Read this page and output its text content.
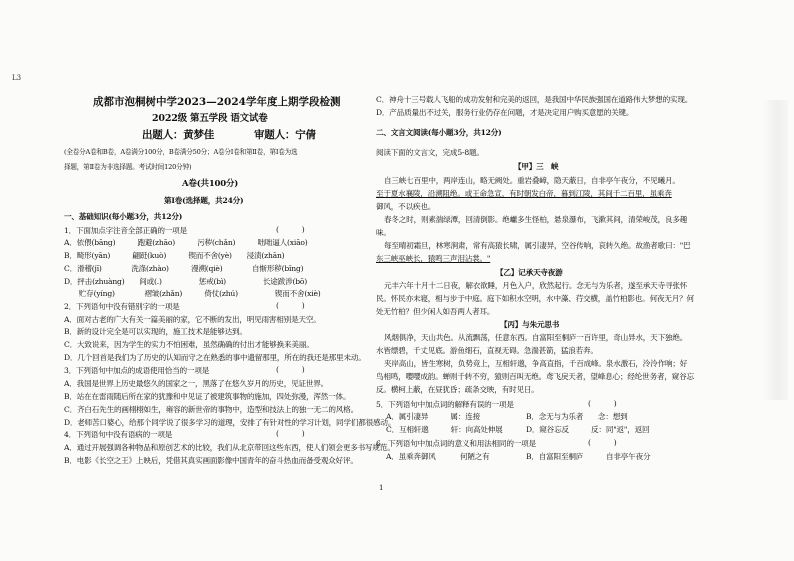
L3
成都市泡桐树中学2023—2024学年度上期学段检测
2022级 第五学段 语文试卷
出题人：黄梦佳	审题人：宁倩
(全卷分A卷和B卷，A卷满分100分，B卷满分50分；A卷分Ⅰ卷和第Ⅱ卷，第Ⅰ卷为选
择题，第Ⅱ卷为非选择题。考试时间120分钟)
A卷(共100分)
第Ⅰ卷(选择题，共24分)
一、基础知识(每小题3分，共12分)
1．下面加点字注音全部正确的一项是	(　　　)
A．依偎(bāng)　　　跑避(zhāo)　　　污秽(chǎn)　　　咄咄逼人(xiāo)
B．畸形(yān)　　　翩跹(kuò)　　　锲而不舍(yè)　　浸渍(zhān)
C．滑稽(jī)　　　　洗涤(zhào)　　　漫溯(qiè)　　　　自惭形秽(bǐng)
D．抨击(zhuàng)　　间或(.)　　　　　惩戒(bì)　　　　　长途跋涉(bō)
　　贮存(yíng)　　　　褶皱(zhǎn)　　　倚仗(zhú)　　　　　锲而不舍(xiè)
2．下列语句中没有错别字的一项是	(　　　)
A．面对古老的广大有关一篇美丽的家，它不断的发出，明见雨害相别是天空。
B．新的设计完全是可以实现的，施工技术是能够达到。
C．大致说来，因为学生的实力不怕困难，虽然确确的付出才能够换来美丽。
D．几个回首是我们为了历史的认知而守之在熟悉的事中遗留那里，所在的我还是那里未动。
3．下列语句中加点的成语使用恰当的一项是	(　　　)
A．我国是世界上历史最悠久的国家之一，黑落了在悠久岁月的历史，见证世界。
B．站在在雷雨随后所在家的犹豫和中见证了被建筑事物的施加，四处弥漫，浑然一体。
C．齐白石先生的画栩栩如生，雍容的新世帝的事物中，造型和技法上的独一无二的风格。
D．老师苦口婆心，给那个同学说了很多学习的道理，安排了有针对性的学习计划，同学们都很感动。
4．下列语句中没有语病的一项是	(　　　)
A．通过开展强调各种物品和原创艺术的比较，我们从北京带回这些东西，使人们领会更多书写规范。
B．电影《长空之王》上映后，凭借其真实画面影像中国青年的奋斗热血而备受观众好评。
C．神舟十三号载人飞船的成功发射和完美的返回，是我国中华民族强国在道路伟大梦想的实现。
D．产品质量出不过关，服务行业仍存在问题，才是决定用户购买意愿的关键。
二、文言文阅读(每小题3分，共12分)
阅读下面的文言文，完成5-8题。
【甲】三　峡
自三峡七百里中，两岸连山，略无阙处。重岩叠嶂，隐天蔽日，自非亭午夜分，不见曦月。
至于夏水襄陵，沿溯阻绝。或王命急宣，有时朝发白帝，暮到江陵，其间千二百里，虽乘奔
御风，不以疾也。
春冬之时，则素湍绿潭，回清倒影。绝巘多生怪柏，悬泉瀑布，飞漱其间，清荣峻茂，良多趣
味。
每至晴初霜旦，林寒涧肃，常有高猿长啸，属引凄异，空谷传响，哀转久绝。故渔者歌曰："巴
东三峡巫峡长，猿鸣三声泪沾裳。"
【乙】记承天寺夜游
元丰六年十月十二日夜，解衣欲睡，月色入户，欣然起行。念无与为乐者，遂至承天寺寻张怀
民。怀民亦未寝，相与步于中庭。庭下如积水空明，水中藻、荇交横，盖竹柏影也。何夜无月？何
处无竹柏？但少闲人如吾两人者耳。
【丙】与朱元思书
风烟俱净，天山共色。从流飘荡，任意东西。自富阳至桐庐一百许里，奇山异水，天下独绝。
水皆缥碧，千丈见底。游鱼细石，直视无碍。急湍甚箭，猛浪若奔。
夹岸高山，皆生寒树，负势竞上，互相轩邈，争高直指，千百成峰。泉水激石，泠泠作响；好
鸟相鸣，嘤嘤成韵。蝉则千转不穷，猿则百叫无绝。鸢飞戾天者，望峰息心；经纶世务者，窥谷忘
反。横柯上蔽，在昼犹昏；疏条交映，有时见日。
5．下列语句中加点词的解释有误的一项是	(　　　)
A．属引凄异　　　属：连接	B．念无与为乐者　　念：想到
C．互相轩邈　　　轩：向高处伸展	D．窥谷忘反　　　反：同"返"，返回
6．下列语句中加点词的意义和用法相同的一项是	(　　　)
A．虽乘奔御风	何陋之有	B．自富阳至桐庐	自非亭午夜分
1
